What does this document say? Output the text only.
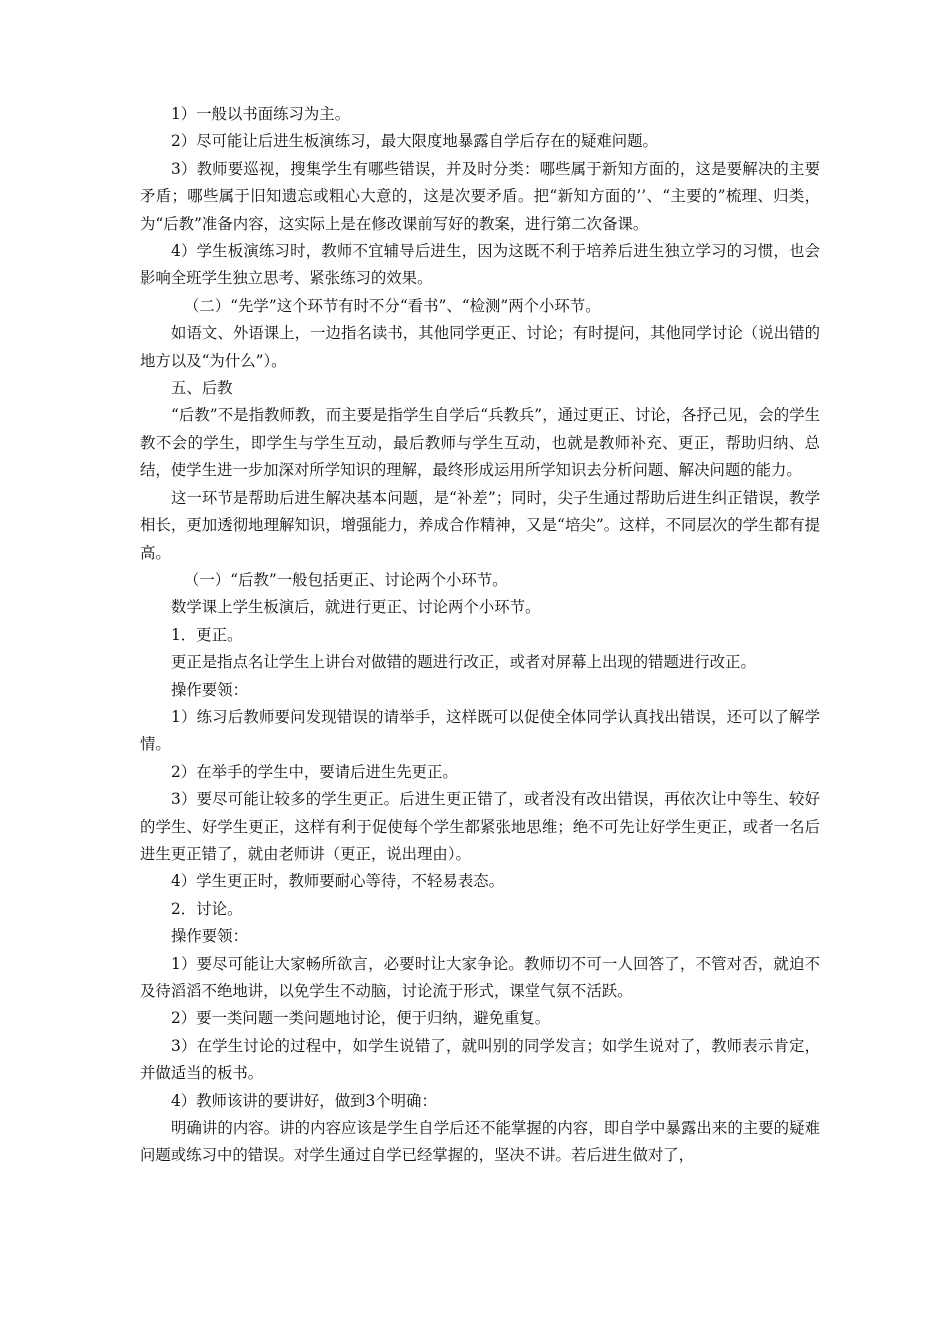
1）一般以书面练习为主。

2）尽可能让后进生板演练习，最大限度地暴露自学后存在的疑难问题。

3）教师要巡视，搜集学生有哪些错误，并及时分类：哪些属于新知方面的，这是要解决的主要矛盾；哪些属于旧知遗忘或粗心大意的，这是次要矛盾。把“新知方面的’’、“主要的”梳理、归类，为“后教”准备内容，这实际上是在修改课前写好的教案，进行第二次备课。

4）学生板演练习时，教师不宜辅导后进生，因为这既不利于培养后进生独立学习的习惯，也会影响全班学生独立思考、紧张练习的效果。

（二）“先学”这个环节有时不分“看书”、“检测”两个小环节。

如语文、外语课上，一边指名读书，其他同学更正、讨论；有时提问，其他同学讨论（说出错的地方以及“为什么”）。

五、后教

“后教”不是指教师教，而主要是指学生自学后“兵教兵”，通过更正、讨论，各抒己见，会的学生教不会的学生，即学生与学生互动，最后教师与学生互动，也就是教师补充、更正，帮助归纳、总结，使学生进一步加深对所学知识的理解，最终形成运用所学知识去分析问题、解决问题的能力。

这一环节是帮助后进生解决基本问题，是“补差”；同时，尖子生通过帮助后进生纠正错误，教学相长，更加透彻地理解知识，增强能力，养成合作精神，又是“培尖”。这样，不同层次的学生都有提高。

（一）“后教”一般包括更正、讨论两个小环节。

数学课上学生板演后，就进行更正、讨论两个小环节。

1．更正。

更正是指点名让学生上讲台对做错的题进行改正，或者对屏幕上出现的错题进行改正。

操作要领：

1）练习后教师要问发现错误的请举手，这样既可以促使全体同学认真找出错误，还可以了解学情。

2）在举手的学生中，要请后进生先更正。

3）要尽可能让较多的学生更正。后进生更正错了，或者没有改出错误，再依次让中等生、较好的学生、好学生更正，这样有利于促使每个学生都紧张地思维；绝不可先让好学生更正，或者一名后进生更正错了，就由老师讲（更正，说出理由）。

4）学生更正时，教师要耐心等待，不轻易表态。

2．讨论。

操作要领：

1）要尽可能让大家畅所欲言，必要时让大家争论。教师切不可一人回答了，不管对否，就迫不及待滔滔不绝地讲，以免学生不动脑，讨论流于形式，课堂气氛不活跃。

2）要一类问题一类问题地讨论，便于归纳，避免重复。

3）在学生讨论的过程中，如学生说错了，就叫别的同学发言；如学生说对了，教师表示肯定，并做适当的板书。

4）教师该讲的要讲好，做到3个明确：

明确讲的内容。讲的内容应该是学生自学后还不能掌握的内容，即自学中暴露出来的主要的疑难问题或练习中的错误。对学生通过自学已经掌握的，坚决不讲。若后进生做对了，
